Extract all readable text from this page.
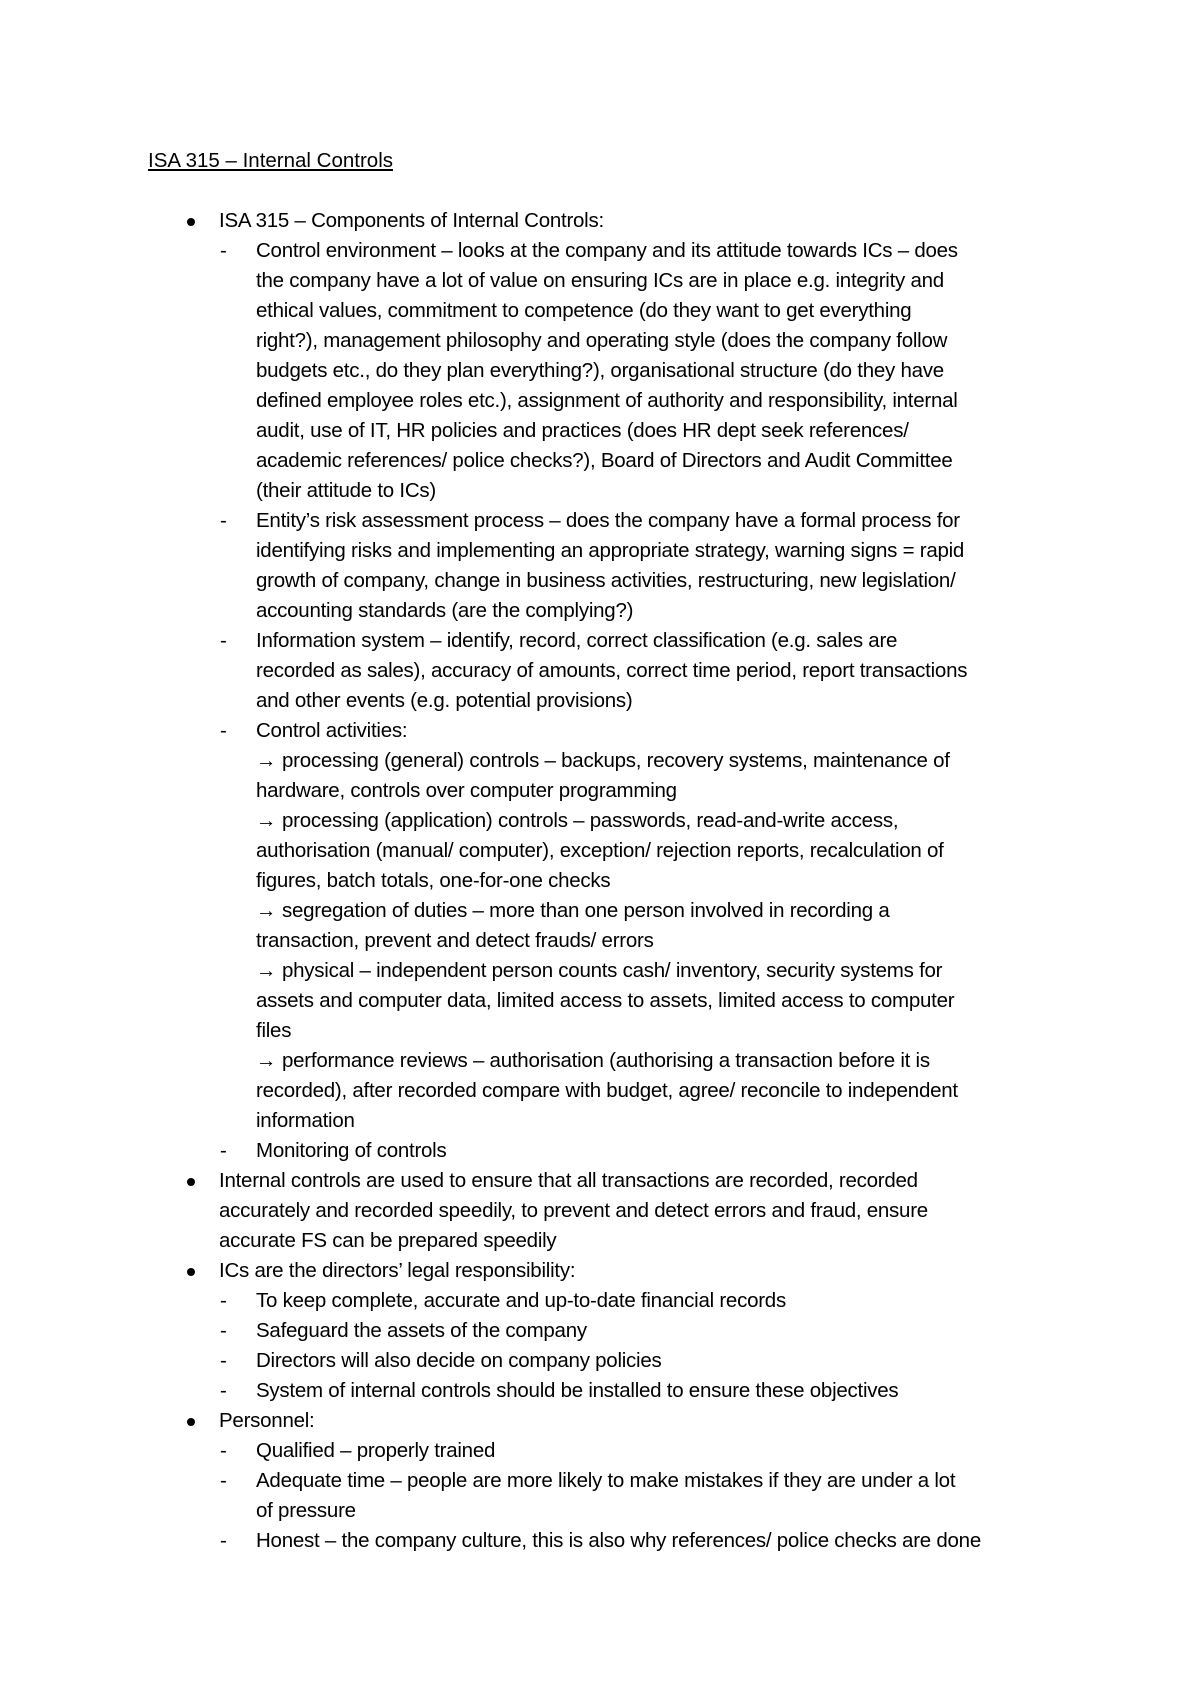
ISA 315 – Internal Controls
ISA 315 – Components of Internal Controls:
- Control environment – looks at the company and its attitude towards ICs – does
the company have a lot of value on ensuring ICs are in place e.g. integrity and
ethical values, commitment to competence (do they want to get everything
right?), management philosophy and operating style (does the company follow
budgets etc., do they plan everything?), organisational structure (do they have
defined employee roles etc.), assignment of authority and responsibility, internal
audit, use of IT, HR policies and practices (does HR dept seek references/
academic references/ police checks?), Board of Directors and Audit Committee
(their attitude to ICs)
- Entity’s risk assessment process – does the company have a formal process for
identifying risks and implementing an appropriate strategy, warning signs = rapid
growth of company, change in business activities, restructuring, new legislation/
accounting standards (are the complying?)
- Information system – identify, record, correct classification (e.g. sales are
recorded as sales), accuracy of amounts, correct time period, report transactions
and other events (e.g. potential provisions)
- Control activities:
→ processing (general) controls – backups, recovery systems, maintenance of
hardware, controls over computer programming
→ processing (application) controls – passwords, read-and-write access,
authorisation (manual/ computer), exception/ rejection reports, recalculation of
figures, batch totals, one-for-one checks
→ segregation of duties – more than one person involved in recording a
transaction, prevent and detect frauds/ errors
→ physical – independent person counts cash/ inventory, security systems for
assets and computer data, limited access to assets, limited access to computer
files
→ performance reviews – authorisation (authorising a transaction before it is
recorded), after recorded compare with budget, agree/ reconcile to independent
information
- Monitoring of controls
Internal controls are used to ensure that all transactions are recorded, recorded
accurately and recorded speedily, to prevent and detect errors and fraud, ensure
accurate FS can be prepared speedily
ICs are the directors’ legal responsibility:
- To keep complete, accurate and up-to-date financial records
- Safeguard the assets of the company
- Directors will also decide on company policies
- System of internal controls should be installed to ensure these objectives
Personnel:
- Qualified – properly trained
- Adequate time – people are more likely to make mistakes if they are under a lot
of pressure
- Honest – the company culture, this is also why references/ police checks are done
